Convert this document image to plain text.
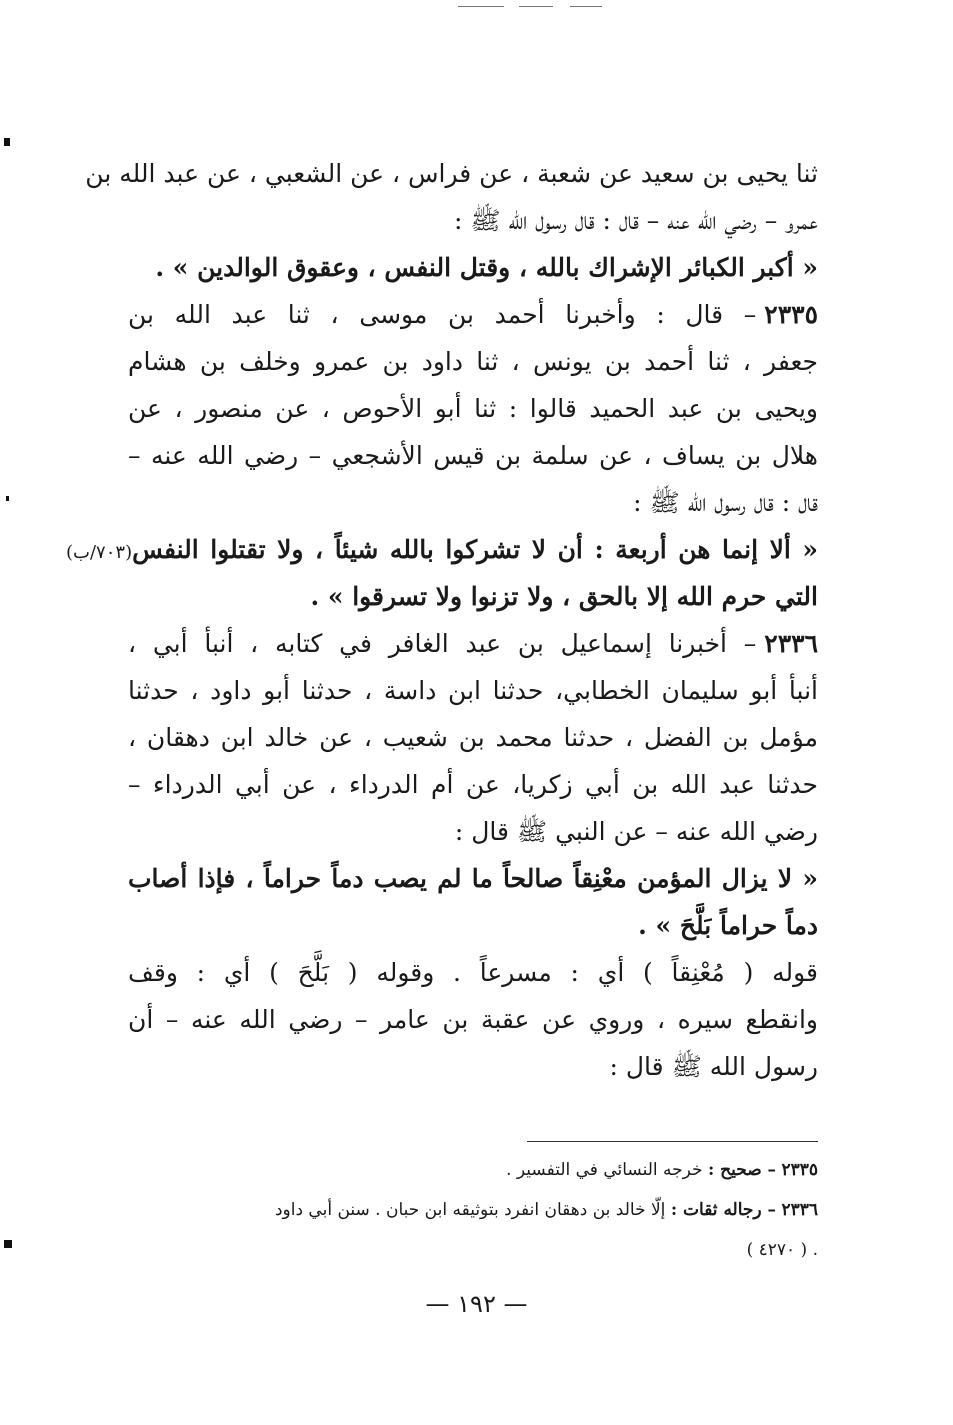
ثنا يحيى بن سعيد عن شعبة ، عن فراس ، عن الشعبي ، عن عبد الله بن
عمرو – رضي الله عنه – قال : قال رسول الله ﷺ :
« أكبر الكبائر الإشراك بالله ، وقتل النفس ، وعقوق الوالدين » .
٢٣٣٥– قال : وأخبرنا أحمد بن موسى ، ثنا عبد الله بن
جعفر ، ثنا أحمد بن يونس ، ثنا داود بن عمرو وخلف بن هشام
ويحيى بن عبد الحميد قالوا : ثنا أبو الأحوص ، عن منصور ، عن
هلال بن يساف ، عن سلمة بن قيس الأشجعي – رضي الله عنه –
قال : قال رسول الله ﷺ :
« ألا إنما هن أربعة : أن لا تشركوا بالله شيئاً ، ولا تقتلوا النفس(٧٠٣/ب)
التي حرم الله إلا بالحق ، ولا تزنوا ولا تسرقوا » .
٢٣٣٦– أخبرنا إسماعيل بن عبد الغافر في كتابه ، أنبأ أبي ،
أنبأ أبو سليمان الخطابي، حدثنا ابن داسة ، حدثنا أبو داود ، حدثنا
مؤمل بن الفضل ، حدثنا محمد بن شعيب ، عن خالد ابن دهقان ،
حدثنا عبد الله بن أبي زكريا، عن أم الدرداء ، عن أبي الدرداء –
رضي الله عنه – عن النبي ﷺ قال :
« لا يزال المؤمن معْنِقاً صالحاً ما لم يصب دماً حراماً ، فإذا أصاب
دماً حراماً بَلَّحَ » .
قوله ( مُعْنِقاً ) أي : مسرعاً . وقوله ( بَلَّحَ ) أي : وقف
وانقطع سيره ، وروي عن عقبة بن عامر – رضي الله عنه – أن
رسول الله ﷺ قال :
٢٣٣٥ – صحيح : خرجه النسائي في التفسير .
٢٣٣٦ – رجاله ثقات : إلّا خالد بن دهقان انفرد بتوثيقه ابن حبان . سنن أبي داود
. ( ٤٢٧٠ )
— ١٩٢ —
